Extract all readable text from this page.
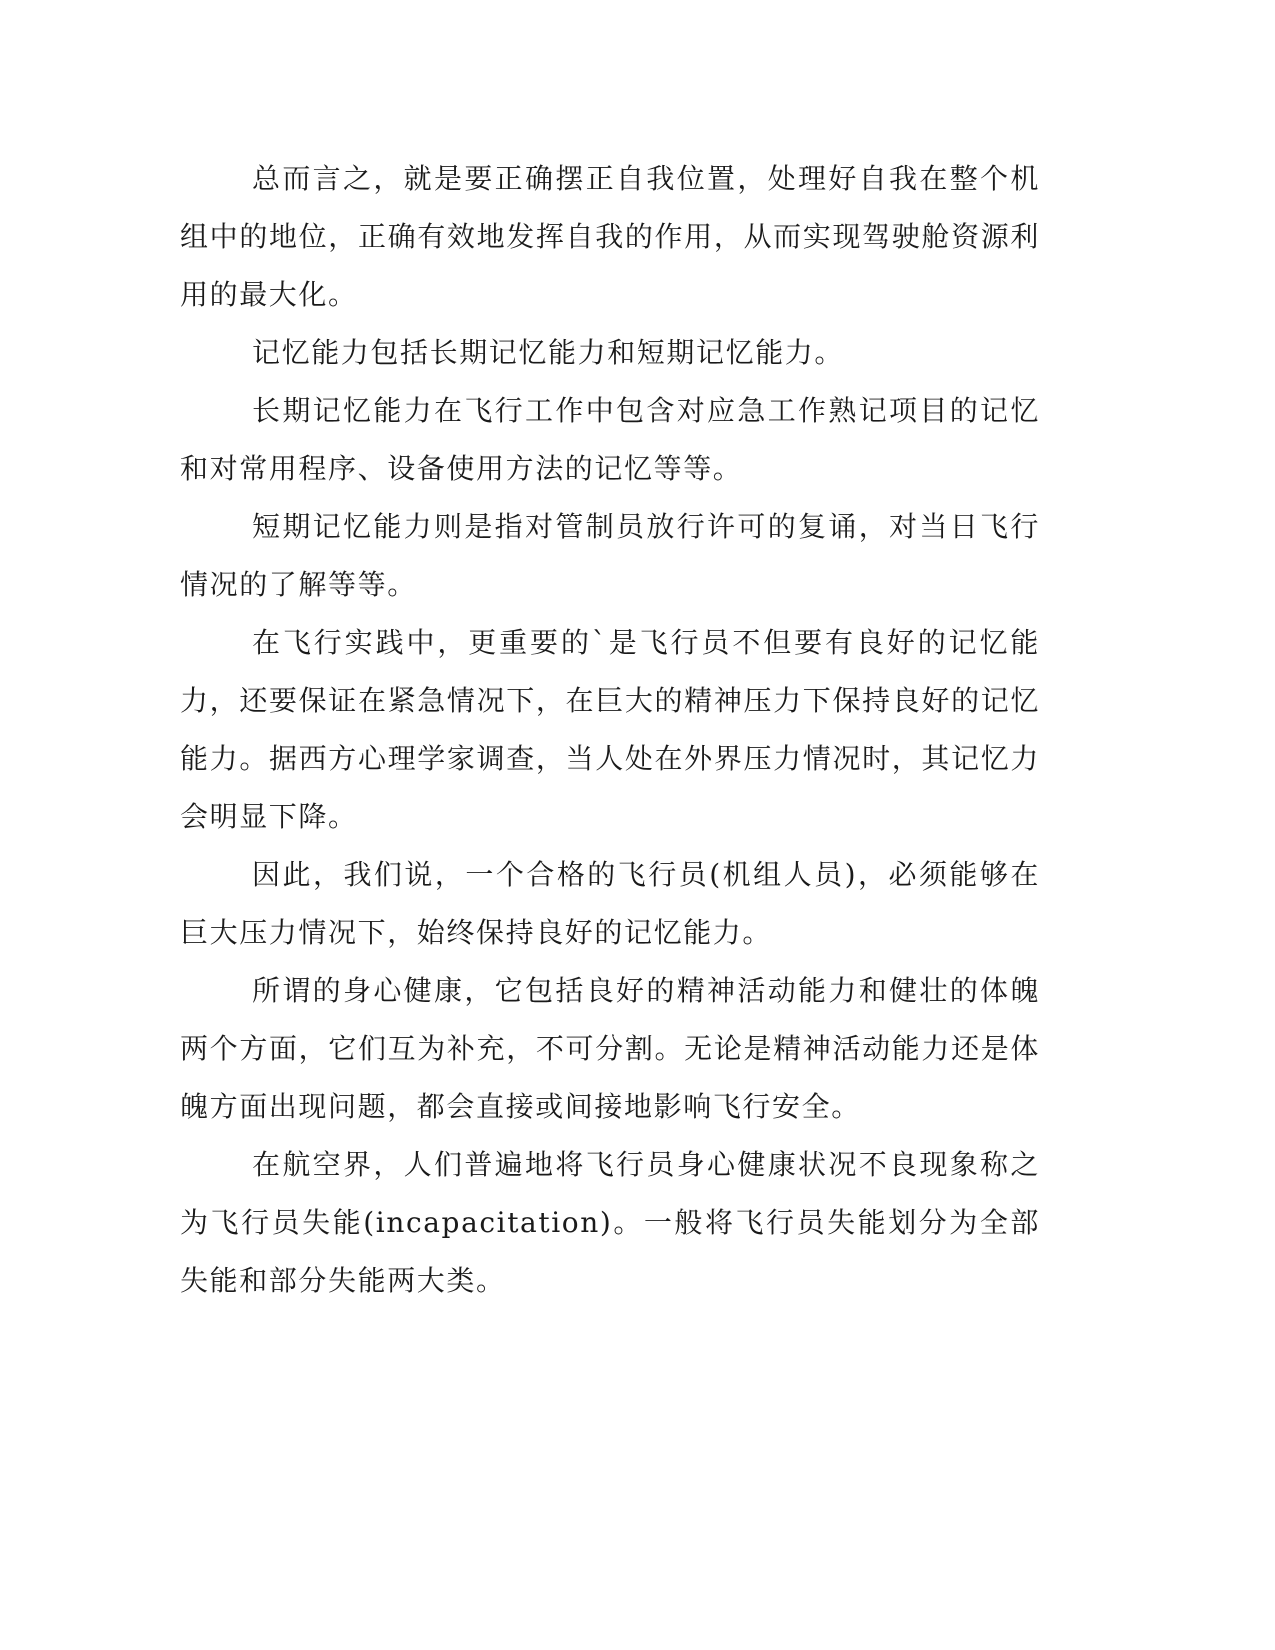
总而言之，就是要正确摆正自我位置，处理好自我在整个机组中的地位，正确有效地发挥自我的作用，从而实现驾驶舱资源利用的最大化。

记忆能力包括长期记忆能力和短期记忆能力。

长期记忆能力在飞行工作中包含对应急工作熟记项目的记忆和对常用程序、设备使用方法的记忆等等。

短期记忆能力则是指对管制员放行许可的复诵，对当日飞行情况的了解等等。

在飞行实践中，更重要的`是飞行员不但要有良好的记忆能力，还要保证在紧急情况下，在巨大的精神压力下保持良好的记忆能力。据西方心理学家调查，当人处在外界压力情况时，其记忆力会明显下降。

因此，我们说，一个合格的飞行员(机组人员)，必须能够在巨大压力情况下，始终保持良好的记忆能力。

所谓的身心健康，它包括良好的精神活动能力和健壮的体魄两个方面，它们互为补充，不可分割。无论是精神活动能力还是体魄方面出现问题，都会直接或间接地影响飞行安全。

在航空界，人们普遍地将飞行员身心健康状况不良现象称之为飞行员失能(incapacitation)。一般将飞行员失能划分为全部失能和部分失能两大类。
